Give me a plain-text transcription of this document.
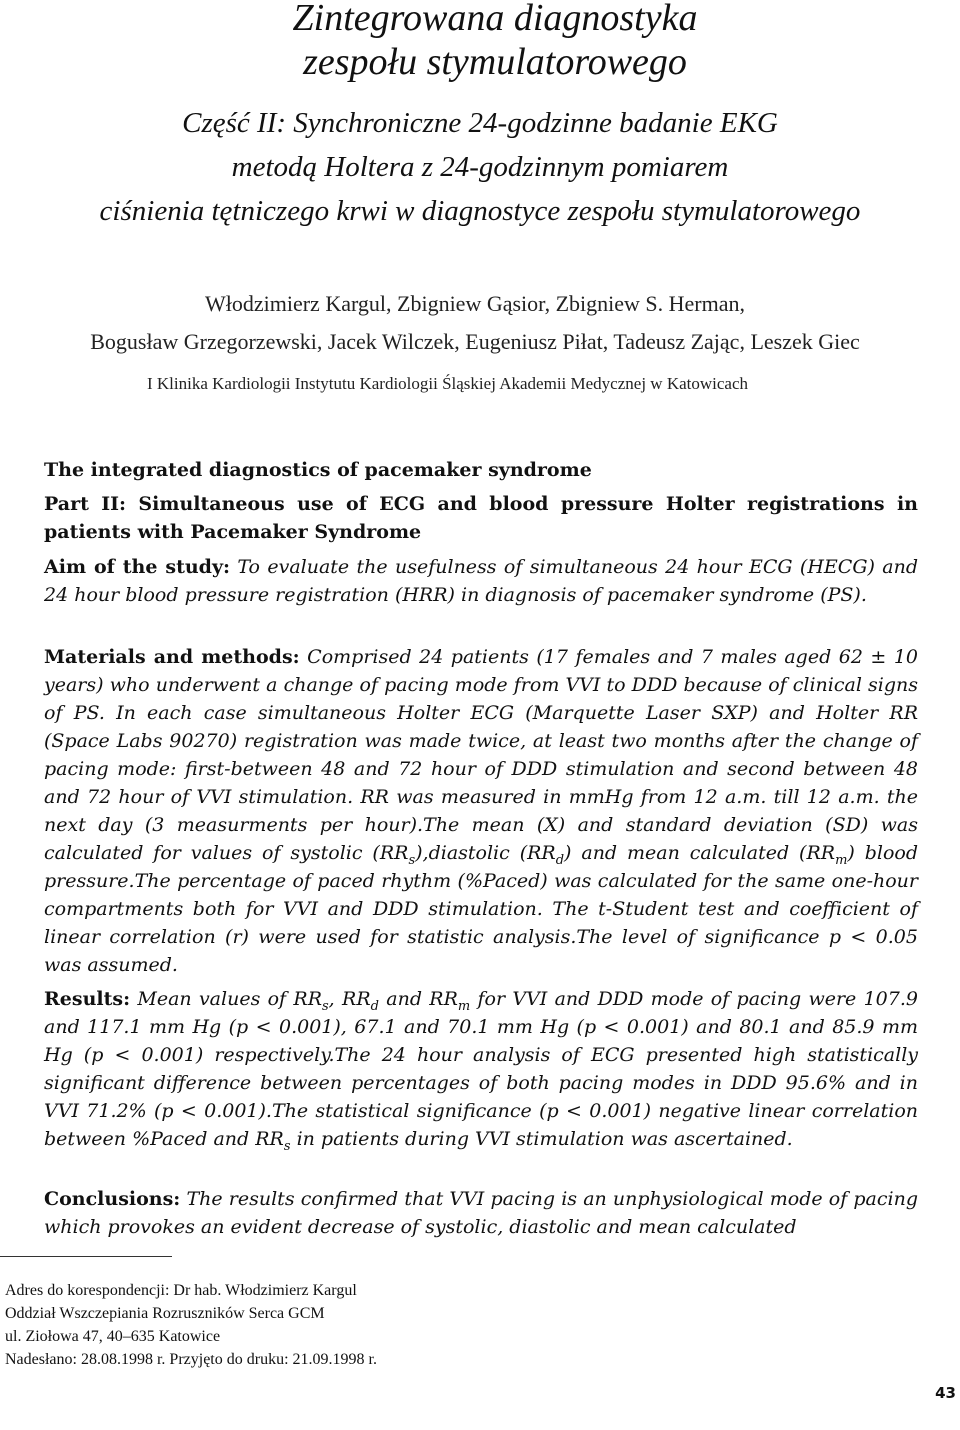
Zintegrowana diagnostyka
zespołu stymulatorowego
Część II: Synchroniczne 24-godzinne badanie EKG
metodą Holtera z 24-godzinnym pomiarem
ciśnienia tętniczego krwi w diagnostyce zespołu stymulatorowego
Włodzimierz Kargul, Zbigniew Gąsior, Zbigniew S. Herman,
Bogusław Grzegorzewski, Jacek Wilczek, Eugeniusz Piłat, Tadeusz Zając, Leszek Giec
I Klinika Kardiologii Instytutu Kardiologii Śląskiej Akademii Medycznej w Katowicach
The integrated diagnostics of pacemaker syndrome
Part II: Simultaneous use of ECG and blood pressure Holter registrations in patients with Pacemaker Syndrome
Aim of the study: To evaluate the usefulness of simultaneous 24 hour ECG (HECG) and 24 hour blood pressure registration (HRR) in diagnosis of pacemaker syndrome (PS).
Materials and methods: Comprised 24 patients (17 females and 7 males aged 62 ± 10 years) who underwent a change of pacing mode from VVI to DDD because of clinical signs of PS. In each case simultaneous Holter ECG (Marquette Laser SXP) and Holter RR (Space Labs 90270) registration was made twice, at least two months after the change of pacing mode: first-between 48 and 72 hour of DDD stimulation and second between 48 and 72 hour of VVI stimulation. RR was measured in mmHg from 12 a.m. till 12 a.m. the next day (3 measurments per hour).The mean (X) and standard deviation (SD) was calculated for values of systolic $(RR_s),diastolic$ $(RR_d)$ and mean calculated $(RR_m)$ blood pressure.The percentage of paced rhythm (%Paced) was calculated for the same one-hour compartments both for VVI and DDD stimulation. The t-Student test and coefficient of linear correlation (r) were used for statistic analysis.The level of significance p < 0.05 was assumed.
Results: Mean values of $RR_s$, $RR_d$ and $RR_m$ for VVI and DDD mode of pacing were 107.9 and 117.1 mm Hg (p < 0.001), 67.1 and 70.1 mm Hg (p < 0.001) and 80.1 and 85.9 mm Hg (p < 0.001) respectively.The 24 hour analysis of ECG presented high statistically significant difference between percentages of both pacing modes in DDD 95.6% and in VVI 71.2% (p < 0.001).The statistical significance (p < 0.001) negative linear correlation between %Paced and $RR_s$ in patients during VVI stimulation was ascertained.
Conclusions: The results confirmed that VVI pacing is an unphysiological mode of pacing which provokes an evident decrease of systolic, diastolic and mean calculated
Adres do korespondencji: Dr hab. Włodzimierz Kargul
Oddział Wszczepiania Rozruszników Serca GCM
ul. Ziołowa 47, 40–635 Katowice
Nadesłano: 28.08.1998 r. Przyjęto do druku: 21.09.1998 r.
43
